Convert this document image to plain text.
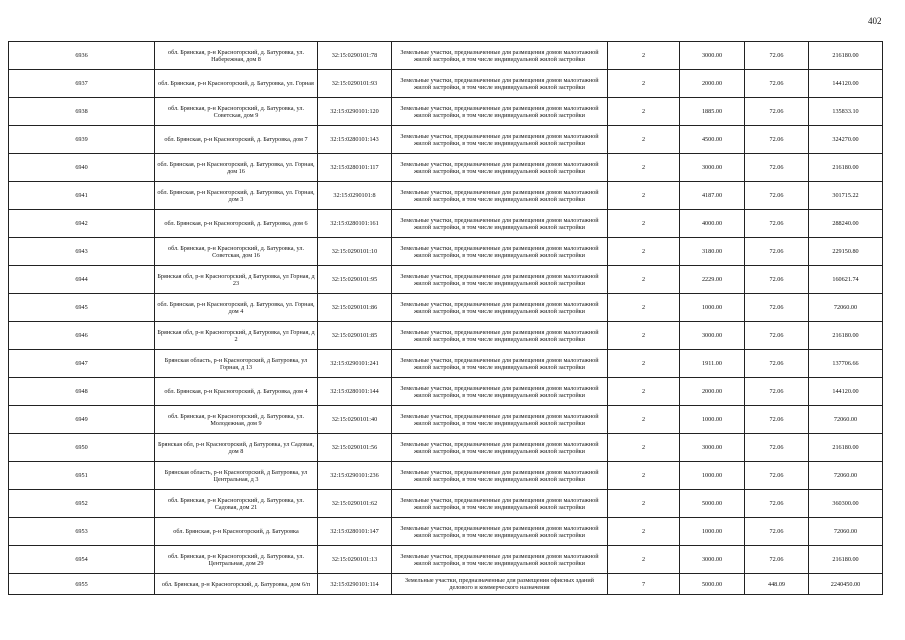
402
6936	обл. Брянская, р-н Красногорский, д. Батуровка, ул. Набережная, дом 8	32:15:0290101:78	Земельные участки, предназначенные для размещения домов малоэтажной жилой застройки, в том числе индивидуальной жилой застройки	2	3000.00	72.06	216180.00
6937	обл. Брянская, р-н Красногорский, д. Батуровка, ул. Горная	32:15:0290101:93	Земельные участки, предназначенные для размещения домов малоэтажной жилой застройки, в том числе индивидуальной жилой застройки	2	2000.00	72.06	144120.00
6938	обл. Брянская, р-н Красногорский, д. Батуровка, ул. Советская, дом 9	32:15:0290101:120	Земельные участки, предназначенные для размещения домов малоэтажной жилой застройки, в том числе индивидуальной жилой застройки	2	1885.00	72.06	135833.10
6939	обл. Брянская, р-н Красногорский, д. Батуровка, дом 7	32:15:0280101:143	Земельные участки, предназначенные для размещения домов малоэтажной жилой застройки, в том числе индивидуальной жилой застройки	2	4500.00	72.06	324270.00
6940	обл. Брянская, р-н Красногорский, д. Батуровка, ул. Горная, дом 16	32:15:0280101:117	Земельные участки, предназначенные для размещения домов малоэтажной жилой застройки, в том числе индивидуальной жилой застройки	2	3000.00	72.06	216180.00
6941	обл. Брянская, р-н Красногорский, д. Батуровка, ул. Горная, дом 3	32:15:0290101:8	Земельные участки, предназначенные для размещения домов малоэтажной жилой застройки, в том числе индивидуальной жилой застройки	2	4187.00	72.06	301715.22
6942	обл. Брянская, р-н Красногорский, д. Батуровка, дом 6	32:15:0280101:161	Земельные участки, предназначенные для размещения домов малоэтажной жилой застройки, в том числе индивидуальной жилой застройки	2	4000.00	72.06	288240.00
6943	обл. Брянская, р-н Красногорский, д. Батуровка, ул. Советская, дом 16	32:15:0290101:10	Земельные участки, предназначенные для размещения домов малоэтажной жилой застройки, в том числе индивидуальной жилой застройки	2	3180.00	72.06	229150.80
6944	Брянская обл, р-н Красногорский, д Батуровка, ул Горная, д 23	32:15:0290101:95	Земельные участки, предназначенные для размещения домов малоэтажной жилой застройки, в том числе индивидуальной жилой застройки	2	2229.00	72.06	160621.74
6945	обл. Брянская, р-н Красногорский, д. Батуровка, ул. Горная, дом 4	32:15:0290101:86	Земельные участки, предназначенные для размещения домов малоэтажной жилой застройки, в том числе индивидуальной жилой застройки	2	1000.00	72.06	72060.00
6946	Брянская обл, р-н Красногорский, д Батуровка, ул Горная, д 2	32:15:0290101:85	Земельные участки, предназначенные для размещения домов малоэтажной жилой застройки, в том числе индивидуальной жилой застройки	2	3000.00	72.06	216180.00
6947	Брянская область, р-н Красногорский, д Батуровка, ул Горная, д 13	32:15:0290101:241	Земельные участки, предназначенные для размещения домов малоэтажной жилой застройки, в том числе индивидуальной жилой застройки	2	1911.00	72.06	137706.66
6948	обл. Брянская, р-н Красногорский, д. Батуровка, дом 4	32:15:0280101:144	Земельные участки, предназначенные для размещения домов малоэтажной жилой застройки, в том числе индивидуальной жилой застройки	2	2000.00	72.06	144120.00
6949	обл. Брянская, р-н Красногорский, д. Батуровка, ул. Молодежная, дом 9	32:15:0290101:40	Земельные участки, предназначенные для размещения домов малоэтажной жилой застройки, в том числе индивидуальной жилой застройки	2	1000.00	72.06	72060.00
6950	Брянская обл, р-н Красногорский, д Батуровка, ул Садовая, дом 8	32:15:0290101:56	Земельные участки, предназначенные для размещения домов малоэтажной жилой застройки, в том числе индивидуальной жилой застройки	2	3000.00	72.06	216180.00
6951	Брянская область, р-н Красногорский, д Батуровка, ул Центральная, д 3	32:15:0290101:236	Земельные участки, предназначенные для размещения домов малоэтажной жилой застройки, в том числе индивидуальной жилой застройки	2	1000.00	72.06	72060.00
6952	обл. Брянская, р-н Красногорский, д. Батуровка, ул. Садовая, дом 21	32:15:0290101:62	Земельные участки, предназначенные для размещения домов малоэтажной жилой застройки, в том числе индивидуальной жилой застройки	2	5000.00	72.06	360300.00
6953	обл. Брянская, р-н Красногорский, д. Батуровка	32:15:0280101:147	Земельные участки, предназначенные для размещения домов малоэтажной жилой застройки, в том числе индивидуальной жилой застройки	2	1000.00	72.06	72060.00
6954	обл. Брянская, р-н Красногорский, д. Батуровка, ул. Центральная, дом 29	32:15:0290101:13	Земельные участки, предназначенные для размещения домов малоэтажной жилой застройки, в том числе индивидуальной жилой застройки	2	3000.00	72.06	216180.00
6955	обл. Брянская, р-н Красногорский, д. Батуровка, дом 6/п	32:15:0290101:114	Земельные участки, предназначенные для размещения офисных зданий делового и коммерческого назначения	7	5000.00	448.09	2240450.00
